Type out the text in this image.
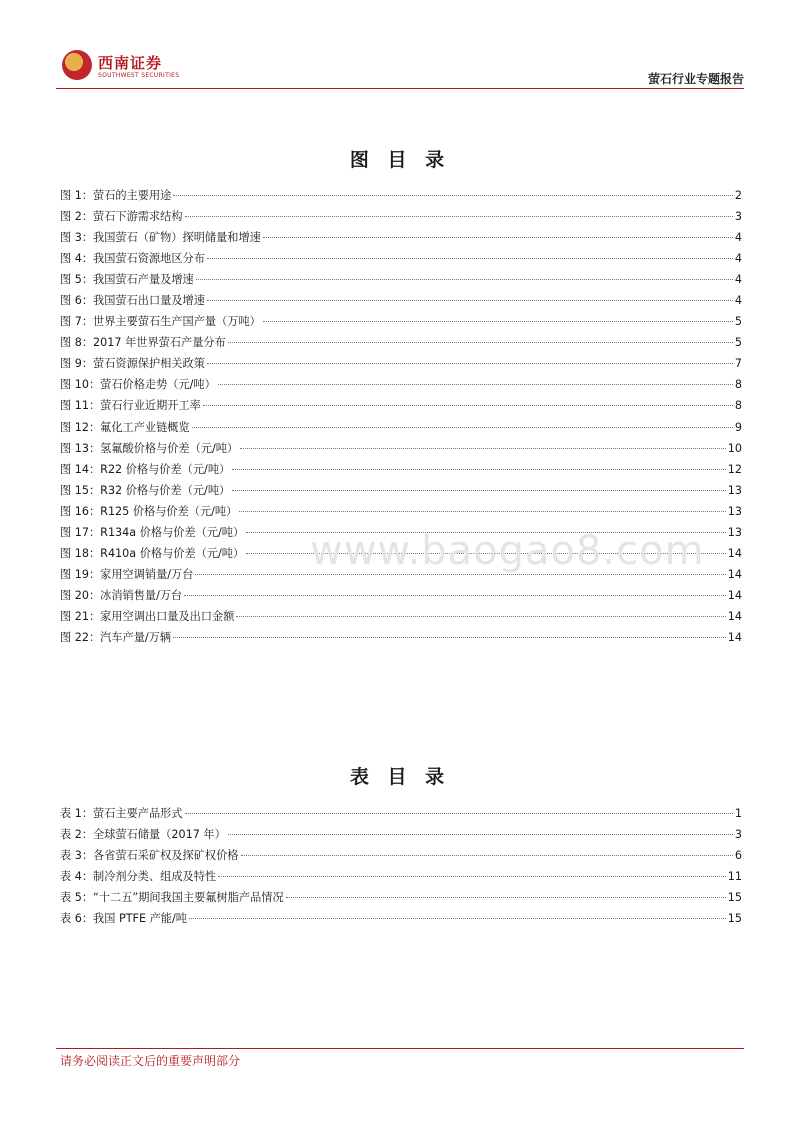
西南证券
SOUTHWEST SECURITIES	萤石行业专题报告
图 目 录
图 1：萤石的主要用途	2
图 2：萤石下游需求结构	3
图 3：我国萤石（矿物）探明储量和增速	4
图 4：我国萤石资源地区分布	4
图 5：我国萤石产量及增速	4
图 6：我国萤石出口量及增速	4
图 7：世界主要萤石生产国产量（万吨）	5
图 8：2017 年世界萤石产量分布	5
图 9：萤石资源保护相关政策	7
图 10：萤石价格走势（元/吨）	8
图 11：萤石行业近期开工率	8
图 12：氟化工产业链概览	9
图 13：氢氟酸价格与价差（元/吨）	10
图 14：R22 价格与价差（元/吨）	12
图 15：R32 价格与价差（元/吨）	13
图 16：R125 价格与价差（元/吨）	13
图 17：R134a 价格与价差（元/吨）	13
图 18：R410a 价格与价差（元/吨）	14
图 19：家用空调销量/万台	14
图 20：冰消销售量/万台	14
图 21：家用空调出口量及出口金额	14
图 22：汽车产量/万辆	14
www.baogao8.com
表 目 录
表 1：萤石主要产品形式	1
表 2：全球萤石储量（2017 年）	3
表 3：各省萤石采矿权及探矿权价格	6
表 4：制冷剂分类、组成及特性	11
表 5：“十二五”期间我国主要氟树脂产品情况	15
表 6：我国 PTFE 产能/吨	15
请务必阅读正文后的重要声明部分
